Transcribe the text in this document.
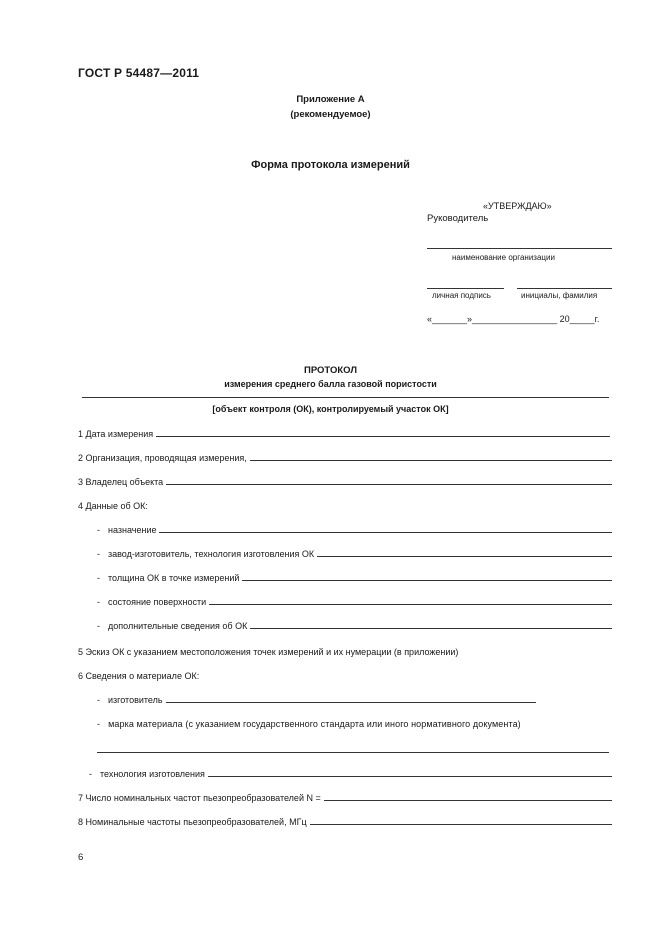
ГОСТ Р 54487—2011
Приложение А
(рекомендуемое)
Форма протокола измерений
«УТВЕРЖДАЮ»
Руководитель
наименование организации
личная подпись	инициалы, фамилия
«_______»_________________ 20_____г.
ПРОТОКОЛ
измерения среднего балла газовой пористости
[объект контроля (ОК), контролируемый участок ОК]
1 Дата измерения
2 Организация, проводящая измерения,
3 Владелец объекта
4 Данные об ОК:
- назначение
- завод-изготовитель, технология изготовления ОК
- толщина ОК в точке измерений
- состояние поверхности
- дополнительные сведения об ОК
5 Эскиз ОК с указанием местоположения точек измерений и их нумерации (в приложении)
6 Сведения о материале ОК:
- изготовитель
- марка материала (с указанием государственного стандарта или иного нормативного документа)
- технология изготовления
7 Число номинальных частот пьезопреобразователей N =
8 Номинальные частоты пьезопреобразователей, МГц
6
